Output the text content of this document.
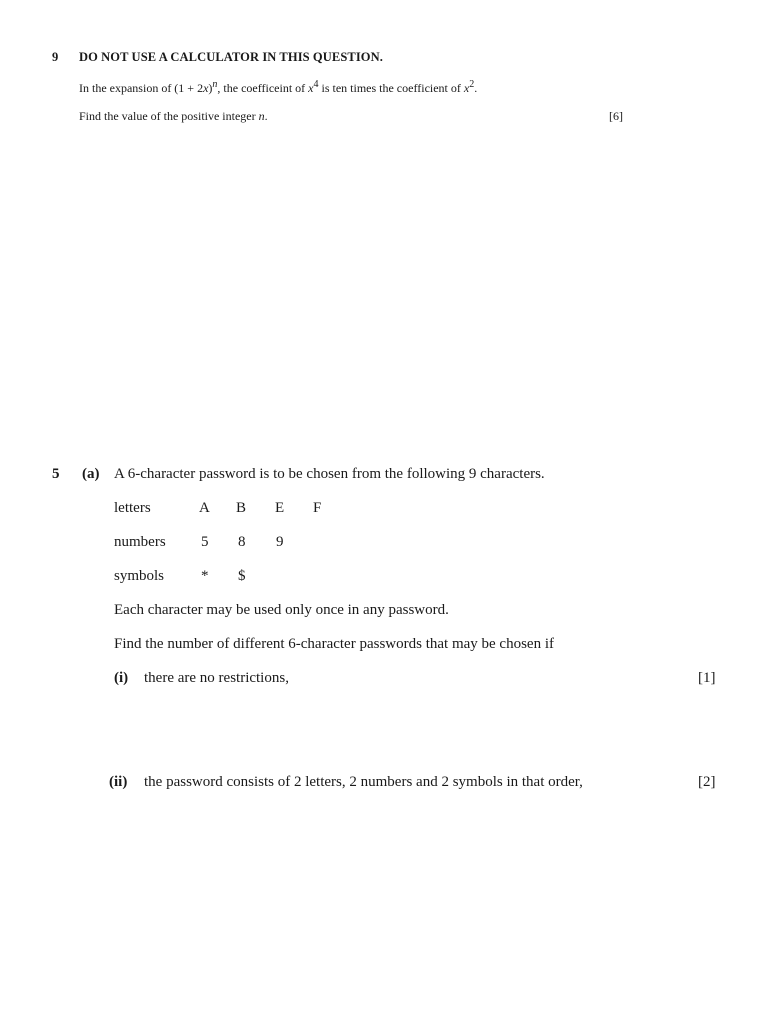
9 DO NOT USE A CALCULATOR IN THIS QUESTION.
In the expansion of $(1 + 2x)^n$, the coefficeint of $x^4$ is ten times the coefficient of $x^2$.
Find the value of the positive integer n.	[6]
5 (a) A 6-character password is to be chosen from the following 9 characters.
letters	A B E F
numbers 5 8 9
symbols * $
Each character may be used only once in any password.
Find the number of different 6-character passwords that may be chosen if
(i) there are no restrictions,	[1]
(ii) the password consists of 2 letters, 2 numbers and 2 symbols in that order,	[2]
